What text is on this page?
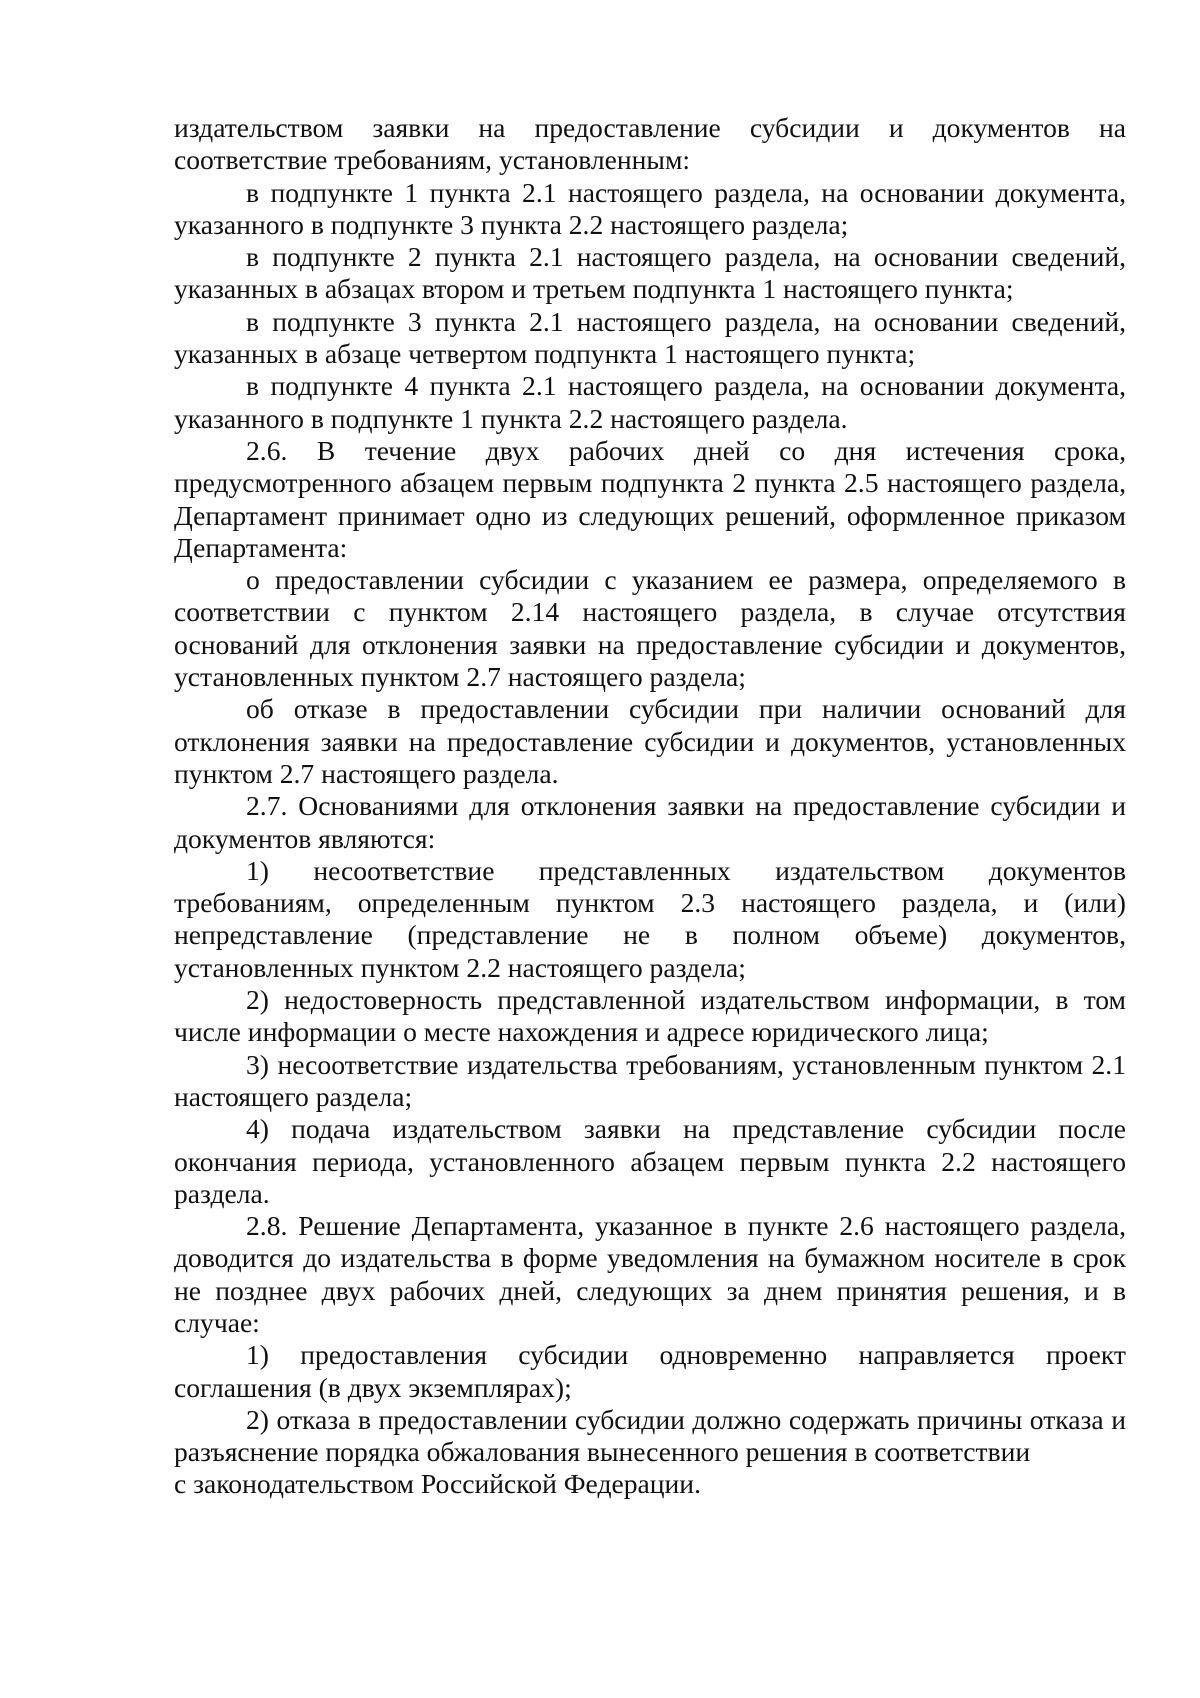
издательством заявки на предоставление субсидии и документов на соответствие требованиям, установленным:

в подпункте 1 пункта 2.1 настоящего раздела, на основании документа, указанного в подпункте 3 пункта 2.2 настоящего раздела;

в подпункте 2 пункта 2.1 настоящего раздела, на основании сведений, указанных в абзацах втором и третьем подпункта 1 настоящего пункта;

в подпункте 3 пункта 2.1 настоящего раздела, на основании сведений, указанных в абзаце четвертом подпункта 1 настоящего пункта;

в подпункте 4 пункта 2.1 настоящего раздела, на основании документа, указанного в подпункте 1 пункта 2.2 настоящего раздела.

2.6. В течение двух рабочих дней со дня истечения срока, предусмотренного абзацем первым подпункта 2 пункта 2.5 настоящего раздела, Департамент принимает одно из следующих решений, оформленное приказом Департамента:

о предоставлении субсидии с указанием ее размера, определяемого в соответствии с пунктом 2.14 настоящего раздела, в случае отсутствия оснований для отклонения заявки на предоставление субсидии и документов, установленных пунктом 2.7 настоящего раздела;

об отказе в предоставлении субсидии при наличии оснований для отклонения заявки на предоставление субсидии и документов, установленных пунктом 2.7 настоящего раздела.

2.7. Основаниями для отклонения заявки на предоставление субсидии и документов являются:

1) несоответствие представленных издательством документов требованиям, определенным пунктом 2.3 настоящего раздела, и (или) непредставление (представление не в полном объеме) документов, установленных пунктом 2.2 настоящего раздела;

2) недостоверность представленной издательством информации, в том числе информации о месте нахождения и адресе юридического лица;

3) несоответствие издательства требованиям, установленным пунктом 2.1 настоящего раздела;

4) подача издательством заявки на представление субсидии после окончания периода, установленного абзацем первым пункта 2.2 настоящего раздела.

2.8. Решение Департамента, указанное в пункте 2.6 настоящего раздела, доводится до издательства в форме уведомления на бумажном носителе в срок не позднее двух рабочих дней, следующих за днем принятия решения, и в случае:

1) предоставления субсидии одновременно направляется проект соглашения (в двух экземплярах);

2) отказа в предоставлении субсидии должно содержать причины отказа и разъяснение порядка обжалования вынесенного решения в соответствии

с законодательством Российской Федерации.
